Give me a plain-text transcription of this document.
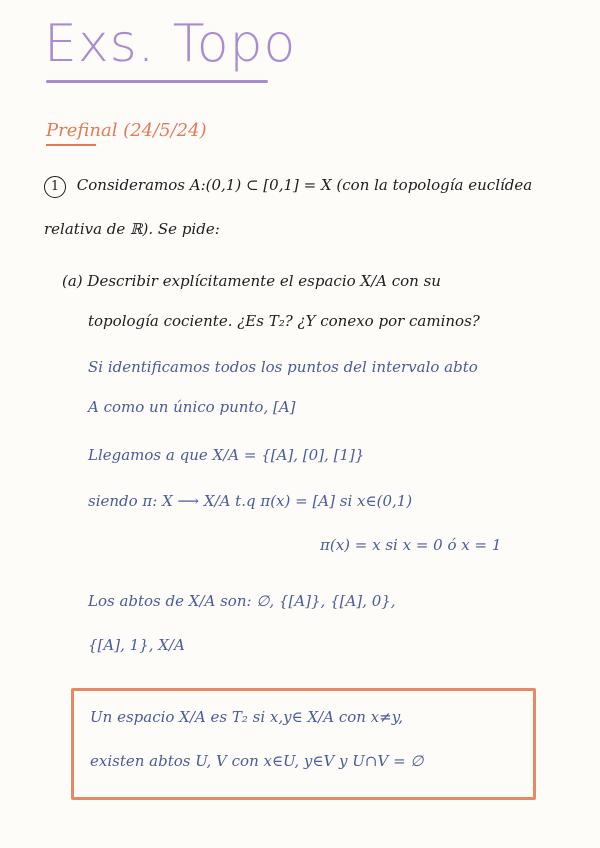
Exs. Topo
Prefinal (24/5/24)
1 Consideramos A:(0,1) ⊂ [0,1] = X (con la topología euclídea
relativa de ℝ). Se pide:
(a) Describir explícitamente el espacio X/A con su
topología cociente. ¿Es T₂? ¿Y conexo por caminos?
Si identificamos todos los puntos del intervalo abto
A como un único punto, [A]
Llegamos a que X/A = {[A], [0], [1]}
siendo π: X ⟶ X/A t.q π(x) = [A] si x∈(0,1)
π(x) = x si x = 0 ó x = 1
Los abtos de X/A son: ∅, {[A]}, {[A], 0},
{[A], 1}, X/A
Un espacio X/A es T₂ si x,y∈ X/A con x≠y,
existen abtos U, V con x∈U, y∈V y U∩V = ∅
